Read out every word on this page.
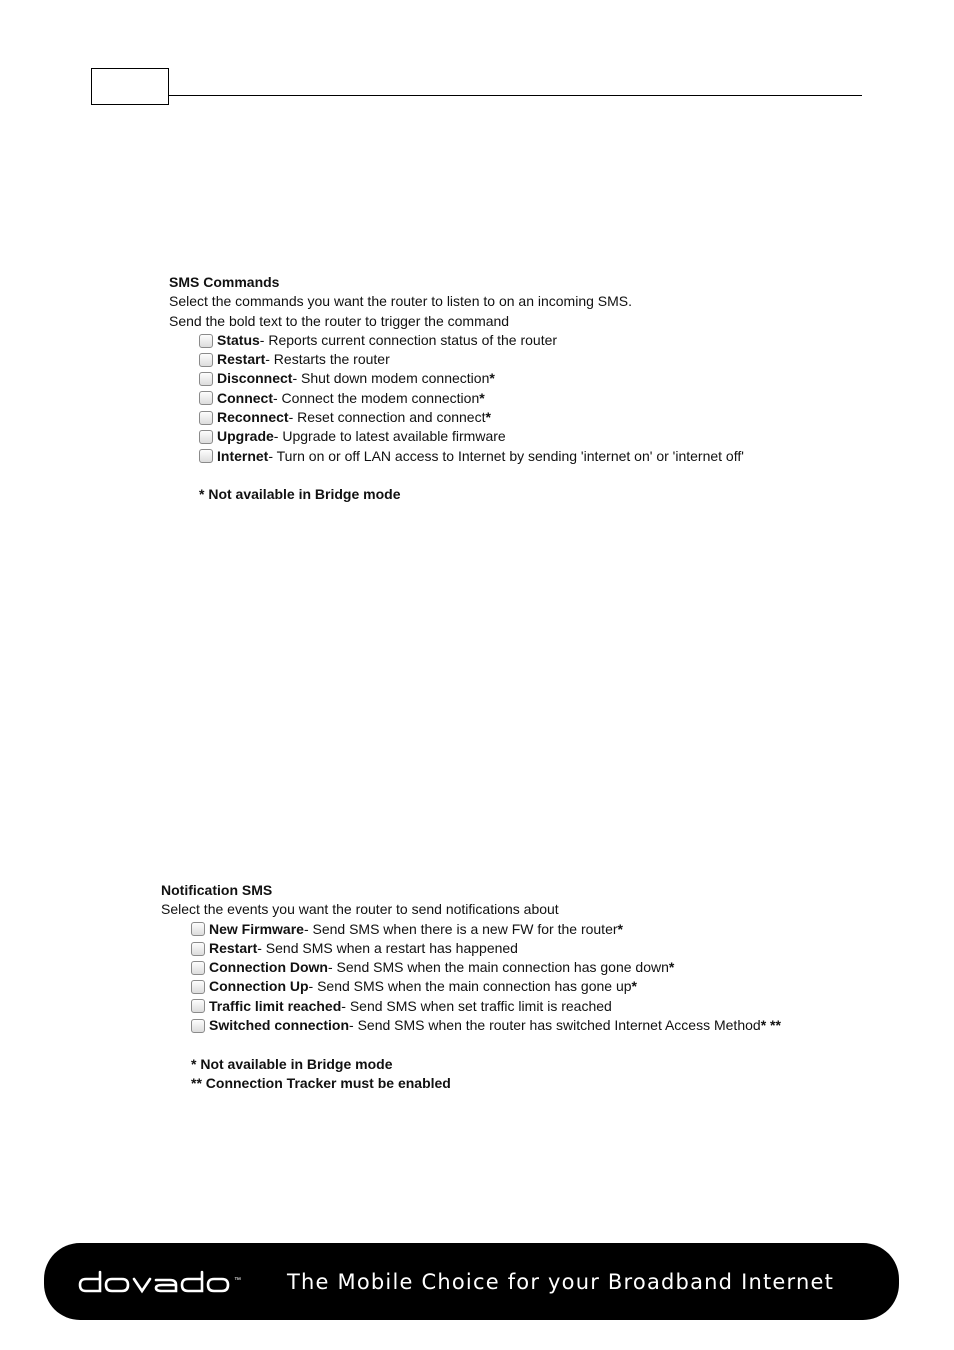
SMS Commands
Select the commands you want the router to listen to on an incoming SMS.
Send the bold text to the router to trigger the command
Status - Reports current connection status of the router
Restart - Restarts the router
Disconnect - Shut down modem connection *
Connect - Connect the modem connection *
Reconnect - Reset connection and connect *
Upgrade - Upgrade to latest available firmware
Internet - Turn on or off LAN access to Internet by sending 'internet on' or 'internet off'
* Not available in Bridge mode
Notification SMS
Select the events you want the router to send notifications about
New Firmware - Send SMS when there is a new FW for the router *
Restart - Send SMS when a restart has happened
Connection Down - Send SMS when the main connection has gone down *
Connection Up - Send SMS when the main connection has gone up *
Traffic limit reached - Send SMS when set traffic limit is reached
Switched connection - Send SMS when the router has switched Internet Access Method * **
* Not available in Bridge mode
** Connection Tracker must be enabled
™ The Mobile Choice for your Broadband Internet
